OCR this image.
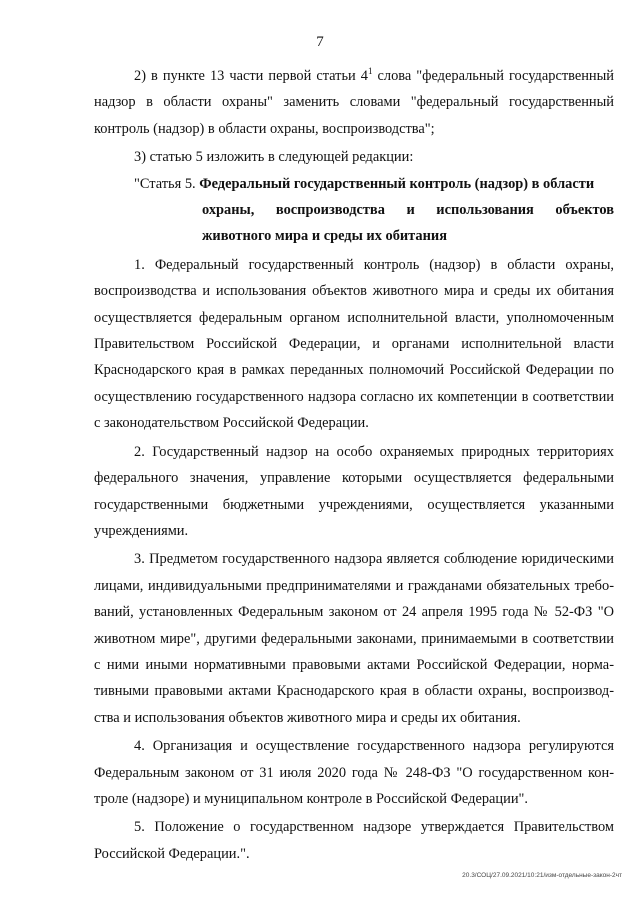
7

2) в пункте 13 части первой статьи $4^1$ слова "федеральный государственный надзор в области охраны" заменить словами "федеральный государственный контроль (надзор) в области охраны, воспроизводства";

3) статью 5 изложить в следующей редакции:

"Статья 5. Федеральный государственный контроль (надзор) в области

охраны, воспроизводства и использования объектов животного мира и среды их обитания

1. Федеральный государственный контроль (надзор) в области охраны, воспроизводства и использования объектов животного мира и среды их обитания осуществляется федеральным органом исполнительной власти, уполномоченным Правительством Российской Федерации, и органами исполнительной власти Краснодарского края в рамках переданных полномочий Российской Федерации по осуществлению государственного надзора согласно их компетенции в соответствии с законодательством Российской Федерации.

2. Государственный надзор на особо охраняемых природных территориях федерального значения, управление которыми осуществляется федеральными государственными бюджетными учреждениями, осуществляется указанными учреждениями.

3. Предметом государственного надзора является соблюдение юридическими лицами, индивидуальными предпринимателями и гражданами обязательных требований, установленных Федеральным законом от 24 апреля 1995 года № 52-ФЗ "О животном мире", другими федеральными законами, принимаемыми в соответствии с ними иными нормативными правовыми актами Российской Федерации, нормативными правовыми актами Краснодарского края в области охраны, воспроизводства и использования объектов животного мира и среды их обитания.

4. Организация и осуществление государственного надзора регулируются Федеральным законом от 31 июля 2020 года № 248-ФЗ "О государственном контроле (надзоре) и муниципальном контроле в Российской Федерации".

5. Положение о государственном надзоре утверждается Правительством Российской Федерации.".

20.3/СОЦ/27.09.2021/10:21/изм-отдельные-закон-2чт
